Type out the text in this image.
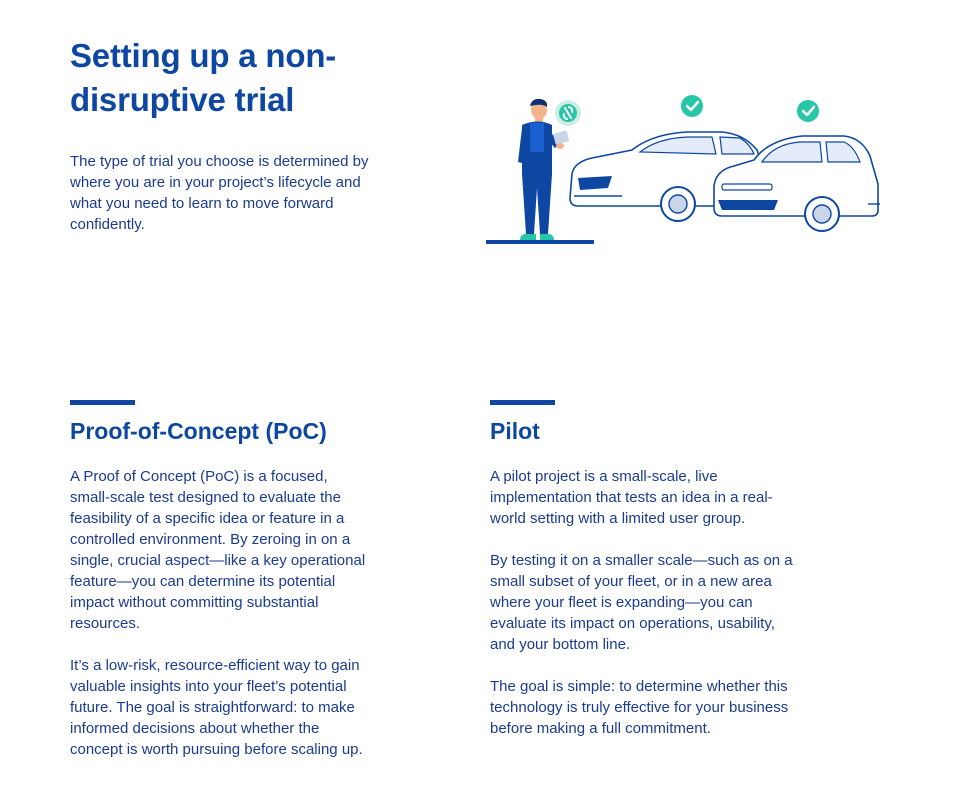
Setting up a non-
disruptive trial
The type of trial you choose is determined by
where you are in your project’s lifecycle and
what you need to learn to move forward
confidently.
Proof-of-Concept (PoC)

A Proof of Concept (PoC) is a focused,
small-scale test designed to evaluate the
feasibility of a specific idea or feature in a
controlled environment. By zeroing in on a
single, crucial aspect—like a key operational
feature—you can determine its potential
impact without committing substantial
resources.

It’s a low-risk, resource-efficient way to gain
valuable insights into your fleet’s potential
future. The goal is straightforward: to make
informed decisions about whether the
concept is worth pursuing before scaling up.

Pilot

A pilot project is a small-scale, live
implementation that tests an idea in a real-
world setting with a limited user group.

By testing it on a smaller scale—such as on a
small subset of your fleet, or in a new area
where your fleet is expanding—you can
evaluate its impact on operations, usability,
and your bottom line.

The goal is simple: to determine whether this
technology is truly effective for your business
before making a full commitment.
